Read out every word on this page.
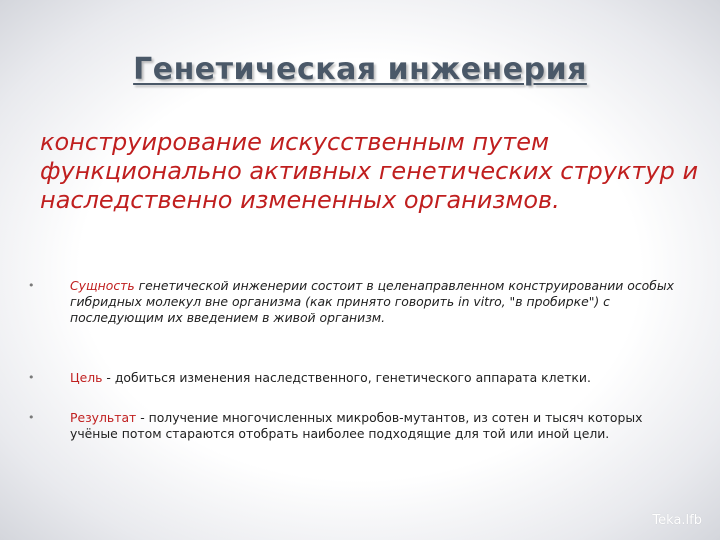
Генетическая инженерия

конструирование искусственным путем функционально активных генетических структур и наследственно измененных организмов.

•	Сущность генетической инженерии состоит в целенаправленном конструировании особых гибридных молекул вне организма (как принято говорить in vitro, "в пробирке") с последующим их введением в живой организм.
•	Цель - добиться изменения наследственного, генетического аппарата клетки.
•	Результат - получение многочисленных микробов-мутантов, из сотен и тысяч которых учёные потом стараются отобрать наиболее подходящие для той или иной цели.
Teka.lfb
